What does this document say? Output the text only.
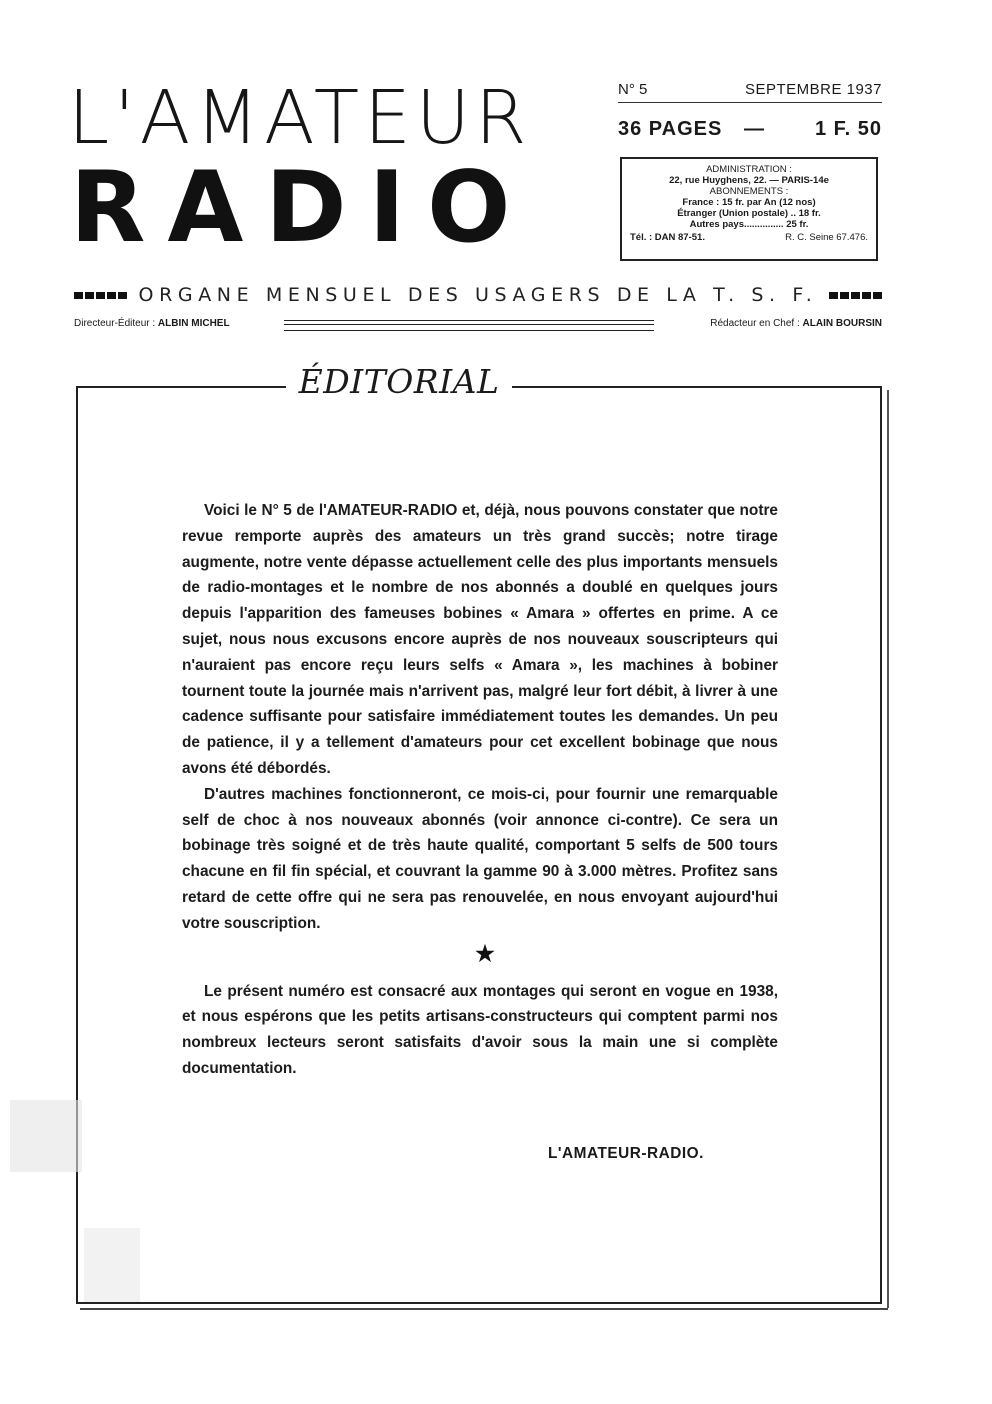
L'AMATEUR
RADIO
N° 5	SEPTEMBRE 1937
36 PAGES — 1 F. 50
ADMINISTRATION :
22, rue Huyghens, 22. — PARIS-14e
ABONNEMENTS :
France : 15 fr. par An (12 nos)
Étranger (Union postale) .. 18 fr.
Autres pays............... 25 fr.
Tél. : DAN 87-51.	R. C. Seine 67.476.
ORGANE MENSUEL DES USAGERS DE LA T. S. F.
Directeur-Éditeur : ALBIN MICHEL	Rédacteur en Chef : ALAIN BOURSIN
ÉDITORIAL

Voici le N° 5 de l'AMATEUR-RADIO et, déjà, nous pouvons constater que notre revue remporte auprès des amateurs un très grand succès; notre tirage augmente, notre vente dépasse actuellement celle des plus importants mensuels de radio-montages et le nombre de nos abonnés a doublé en quelques jours depuis l'apparition des fameuses bobines « Amara » offertes en prime. A ce sujet, nous nous excusons encore auprès de nos nouveaux souscripteurs qui n'auraient pas encore reçu leurs selfs « Amara », les machines à bobiner tournent toute la journée mais n'arrivent pas, malgré leur fort débit, à livrer à une cadence suffisante pour satisfaire immédiatement toutes les demandes. Un peu de patience, il y a tellement d'amateurs pour cet excellent bobinage que nous avons été débordés.

D'autres machines fonctionneront, ce mois-ci, pour fournir une remarquable self de choc à nos nouveaux abonnés (voir annonce ci-contre). Ce sera un bobinage très soigné et de très haute qualité, comportant 5 selfs de 500 tours chacune en fil fin spécial, et couvrant la gamme 90 à 3.000 mètres. Profitez sans retard de cette offre qui ne sera pas renouvelée, en nous envoyant aujourd'hui votre souscription.

★

Le présent numéro est consacré aux montages qui seront en vogue en 1938, et nous espérons que les petits artisans-constructeurs qui comptent parmi nos nombreux lecteurs seront satisfaits d'avoir sous la main une si complète documentation.

L'AMATEUR-RADIO.
